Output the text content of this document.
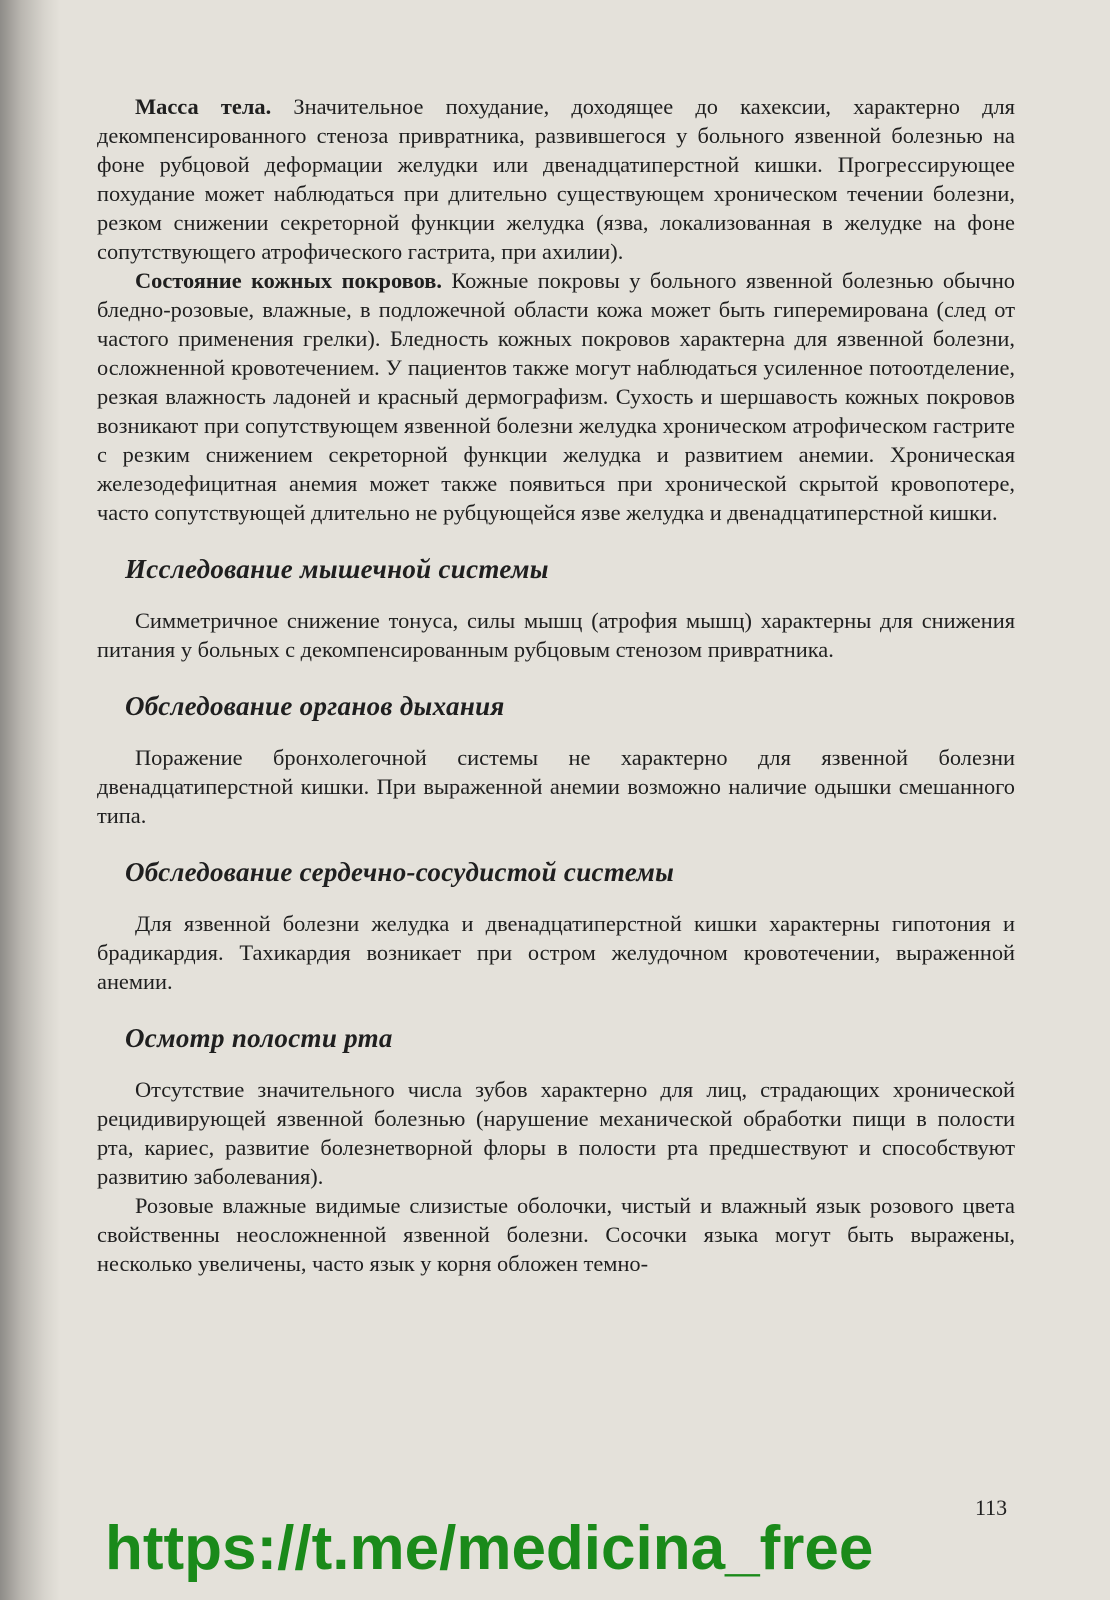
Масса тела. Значительное похудание, доходящее до кахексии, характерно для декомпенсированного стеноза привратника, развившегося у больного язвенной болезнью на фоне рубцовой деформации желудки или двенадцатиперстной кишки. Прогрессирующее похудание может наблюдаться при длительно существующем хроническом течении болезни, резком снижении секреторной функции желудка (язва, локализованная в желудке на фоне сопутствующего атрофического гастрита, при ахилии).

Состояние кожных покровов. Кожные покровы у больного язвенной болезнью обычно бледно-розовые, влажные, в подложечной области кожа может быть гиперемирована (след от частого применения грелки). Бледность кожных покровов характерна для язвенной болезни, осложненной кровотечением. У пациентов также могут наблюдаться усиленное потоотделение, резкая влажность ладоней и красный дермографизм. Сухость и шершавость кожных покровов возникают при сопутствующем язвенной болезни желудка хроническом атрофическом гастрите с резким снижением секреторной функции желудка и развитием анемии. Хроническая железодефицитная анемия может также появиться при хронической скрытой кровопотере, часто сопутствующей длительно не рубцующейся язве желудка и двенадцатиперстной кишки.

Исследование мышечной системы

Симметричное снижение тонуса, силы мышц (атрофия мышц) характерны для снижения питания у больных с декомпенсированным рубцовым стенозом привратника.

Обследование органов дыхания

Поражение бронхолегочной системы не характерно для язвенной болезни двенадцатиперстной кишки. При выраженной анемии возможно наличие одышки смешанного типа.

Обследование сердечно-сосудистой системы

Для язвенной болезни желудка и двенадцатиперстной кишки характерны гипотония и брадикардия. Тахикардия возникает при остром желудочном кровотечении, выраженной анемии.

Осмотр полости рта

Отсутствие значительного числа зубов характерно для лиц, страдающих хронической рецидивирующей язвенной болезнью (нарушение механической обработки пищи в полости рта, кариес, развитие болезнетворной флоры в полости рта предшествуют и способствуют развитию заболевания).

Розовые влажные видимые слизистые оболочки, чистый и влажный язык розового цвета свойственны неосложненной язвенной болезни. Сосочки языка могут быть выражены, несколько увеличены, часто язык у корня обложен темно-

113
https://t.me/medicina_free
